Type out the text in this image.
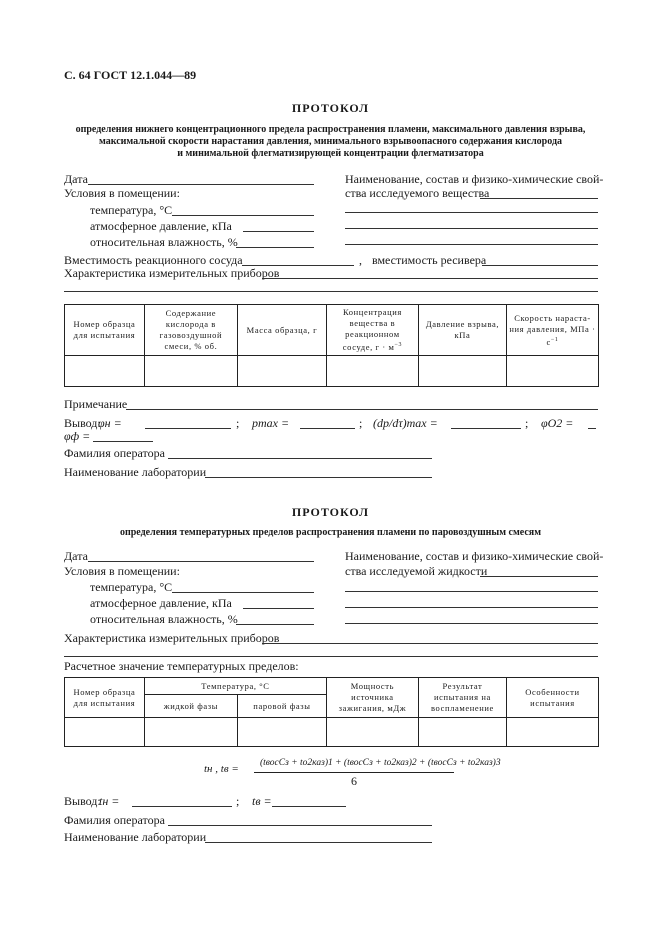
С. 64 ГОСТ 12.1.044—89
ПРОТОКОЛ
определения нижнего концентрационного предела распространения пламени, максимального давления взрыва,
максимальной скорости нарастания давления, минимального взрывоопасного содержания кислорода
и минимальной флегматизирующей концентрации флегматизатора
Дата
Условия в помещении:
температура, °С
атмосферное давление, кПа
относительная влажность, %
Наименование, состав и физико-химические свой-
ства исследуемого вещества
Вместимость реакционного сосуда	, вместимость ресивера
Характеристика измерительных приборов
Номер образца для испытания	Содержание кислорода в газовоздушной смеси, % об.	Масса образца, г	Концентрация вещества в реакционном сосуде, $г \cdot м^{-3}$	Давление взрыва, кПа	Скорость нараста-ния давления, МПа · $с^{-1}$

Примечание
Вывод:
φн =	; pmax =	; (dp/dτ)max =	; φO2 =
φф =
Фамилия оператора
Наименование лаборатории
ПРОТОКОЛ
определения температурных пределов распространения пламени по паровоздушным смесям
Дата
Условия в помещении:
температура, °С
атмосферное давление, кПа
относительная влажность, %
Наименование, состав и физико-химические свой-
ства исследуемой жидкости
Характеристика измерительных приборов
Расчетное значение температурных пределов:
Номер образца для испытания	Температура, °С		Мощность источника зажигания, мДж	Результат испытания на воспламенение	Особенности испытания
	жидкой фазы	паровой фазы			

tн , tв = (tвосСз + tо2каз)1 + (tвосСз + tо2каз)2 + (tвосСз + tо2каз)3
6
Вывод:
tн =	; tв =
Фамилия оператора
Наименование лаборатории
